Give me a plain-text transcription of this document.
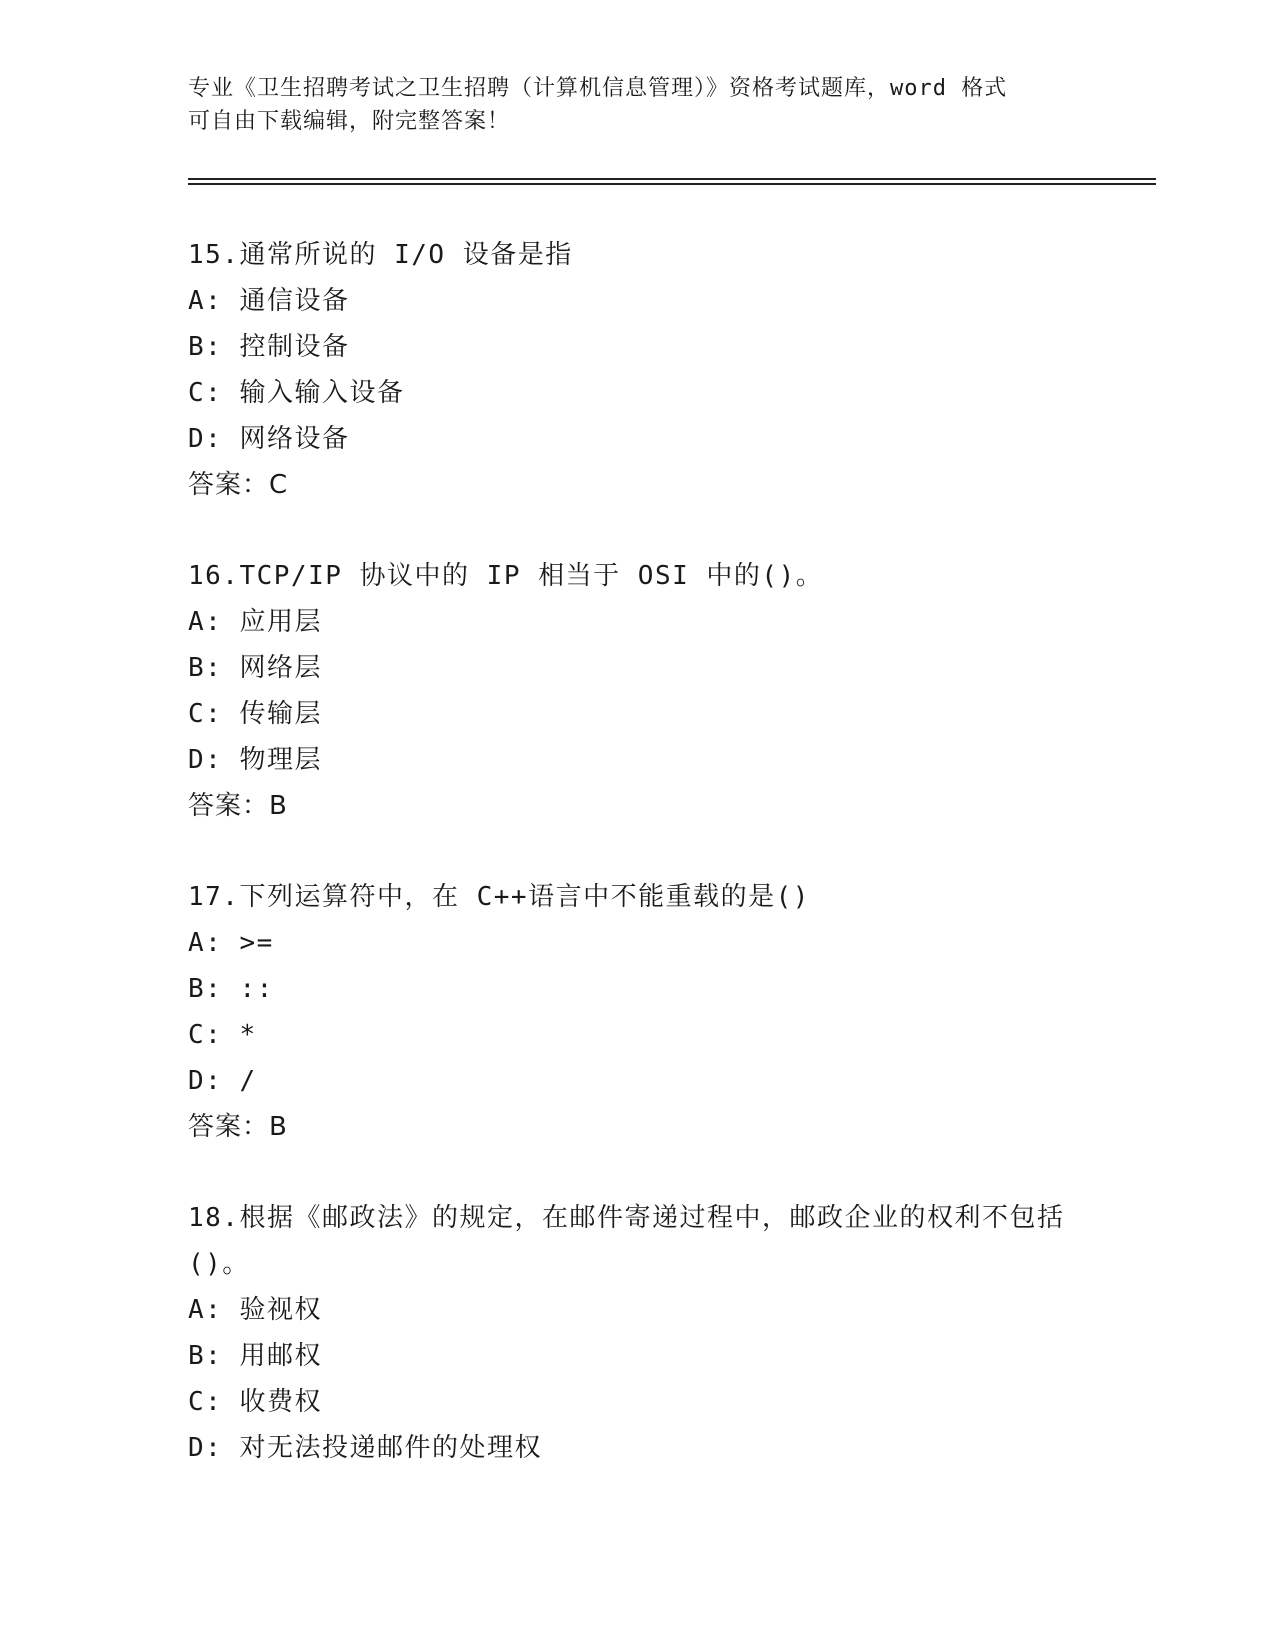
专业《卫生招聘考试之卫生招聘（计算机信息管理）》资格考试题库，word 格式
可自由下载编辑，附完整答案！
15.通常所说的 I/O 设备是指
A: 通信设备
B: 控制设备
C: 输入输入设备
D: 网络设备
答案：C
16.TCP/IP 协议中的 IP 相当于 OSI 中的()。
A: 应用层
B: 网络层
C: 传输层
D: 物理层
答案：B
17.下列运算符中，在 C++语言中不能重载的是()
A: >=
B: ::
C: *
D: /
答案：B
18.根据《邮政法》的规定，在邮件寄递过程中，邮政企业的权利不包括()。
A: 验视权
B: 用邮权
C: 收费权
D: 对无法投递邮件的处理权
